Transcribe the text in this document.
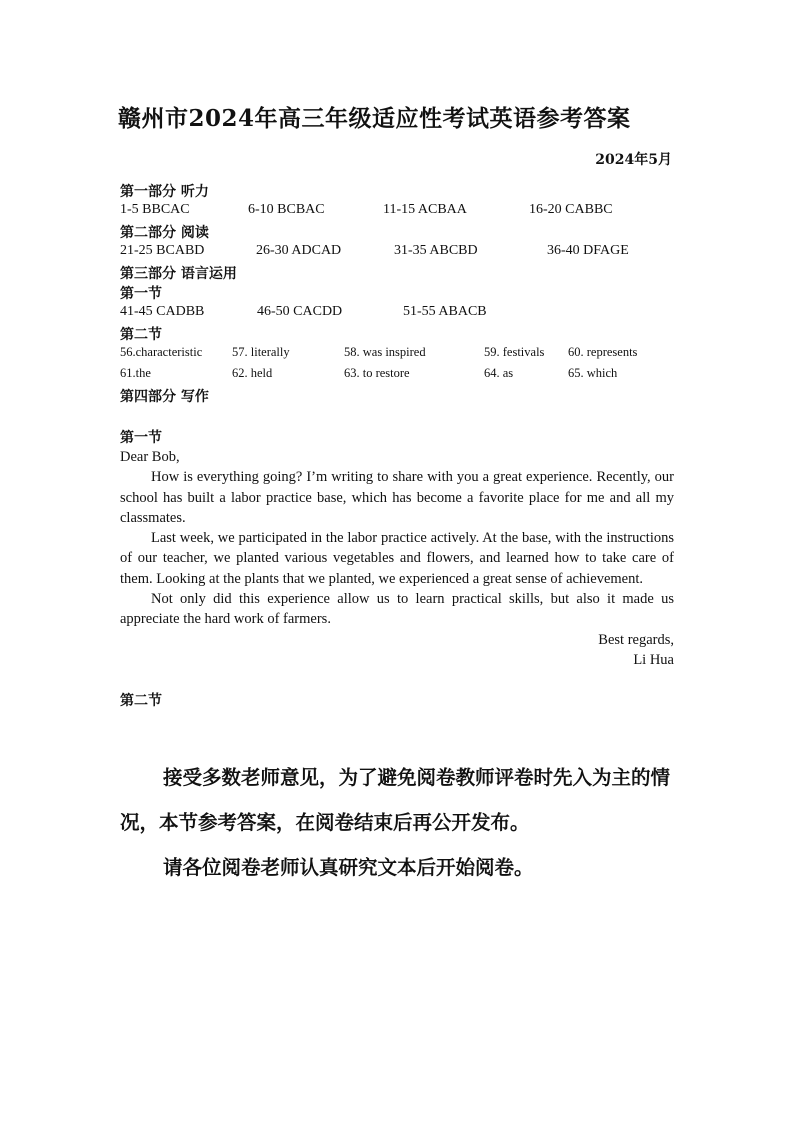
赣州市2024年高三年级适应性考试英语参考答案
2024年5月
第一部分 听力
1-5 BBCAC	6-10 BCBAC	11-15 ACBAA	16-20 CABBC
第二部分 阅读
21-25 BCABD	26-30 ADCAD	31-35 ABCBD	36-40 DFAGE
第三部分 语言运用
第一节
41-45 CADBB	46-50 CACDD	51-55 ABACB
第二节
56.characteristic 57. literally	58. was inspired	59. festivals 60. represents
61.the	62. held	63. to restore	64. as	65. which
第四部分 写作
第一节

Dear Bob,

How is everything going? I’m writing to share with you a great experience. Recently, our school has built a labor practice base, which has become a favorite place for me and all my classmates.

Last week, we participated in the labor practice actively. At the base, with the instructions of our teacher, we planted various vegetables and flowers, and learned how to take care of them. Looking at the plants that we planted, we experienced a great sense of achievement.

Not only did this experience allow us to learn practical skills, but also it made us appreciate the hard work of farmers.

Best regards,

Li Hua

第二节

接受多数老师意见，为了避免阅卷教师评卷时先入为主的情况，本节参考答案，在阅卷结束后再公开发布。

请各位阅卷老师认真研究文本后开始阅卷。
